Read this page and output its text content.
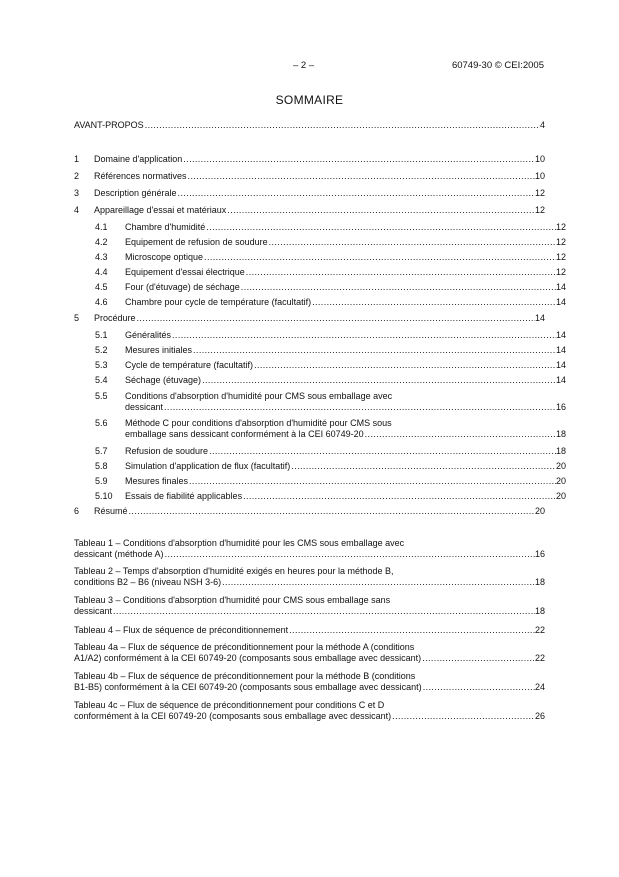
– 2 –	60749-30 © CEI:2005
SOMMAIRE
AVANT-PROPOS .....	4
1	Domaine d'application .....	10
2	Références normatives .....	10
3	Description générale .....	12
4	Appareillage d'essai et matériaux .....	12
4.1	Chambre d'humidité .....	12
4.2	Equipement de refusion de soudure .....	12
4.3	Microscope optique .....	12
4.4	Equipement d'essai électrique .....	12
4.5	Four (d'étuvage) de séchage .....	14
4.6	Chambre pour cycle de température (facultatif) .....	14
5	Procédure .....	14
5.1	Généralités .....	14
5.2	Mesures initiales .....	14
5.3	Cycle de température (facultatif) .....	14
5.4	Séchage (étuvage) .....	14
5.5	Conditions d'absorption d'humidité pour CMS sous emballage avec
dessicant .....	16
5.6	Méthode C pour conditions d'absorption d'humidité pour CMS sous
emballage sans dessicant conformément à la CEI 60749-20 .....	18
5.7	Refusion de soudure .....	18
5.8	Simulation d'application de flux (facultatif) .....	20
5.9	Mesures finales .....	20
5.10	Essais de fiabilité applicables .....	20
6	Résumé .....	20
Tableau 1 – Conditions d'absorption d'humidité pour les CMS sous emballage avec
dessicant (méthode A) .....	16
Tableau 2 – Temps d'absorption d'humidité exigés en heures pour la méthode B,
conditions B2 – B6 (niveau NSH 3-6) .....	18
Tableau 3 – Conditions d'absorption d'humidité pour CMS sous emballage sans
dessicant .....	18
Tableau 4 – Flux de séquence de préconditionnement .....	22
Tableau 4a – Flux de séquence de préconditionnement pour la méthode A (conditions
A1/A2) conformément à la CEI 60749-20 (composants sous emballage avec dessicant) .....	22
Tableau 4b – Flux de séquence de préconditionnement pour la méthode B (conditions
B1-B5) conformément à la CEI 60749-20 (composants sous emballage avec dessicant) .....	24
Tableau 4c – Flux de séquence de préconditionnement pour conditions C et D
conformément à la CEI 60749-20 (composants sous emballage avec dessicant) .....	26
